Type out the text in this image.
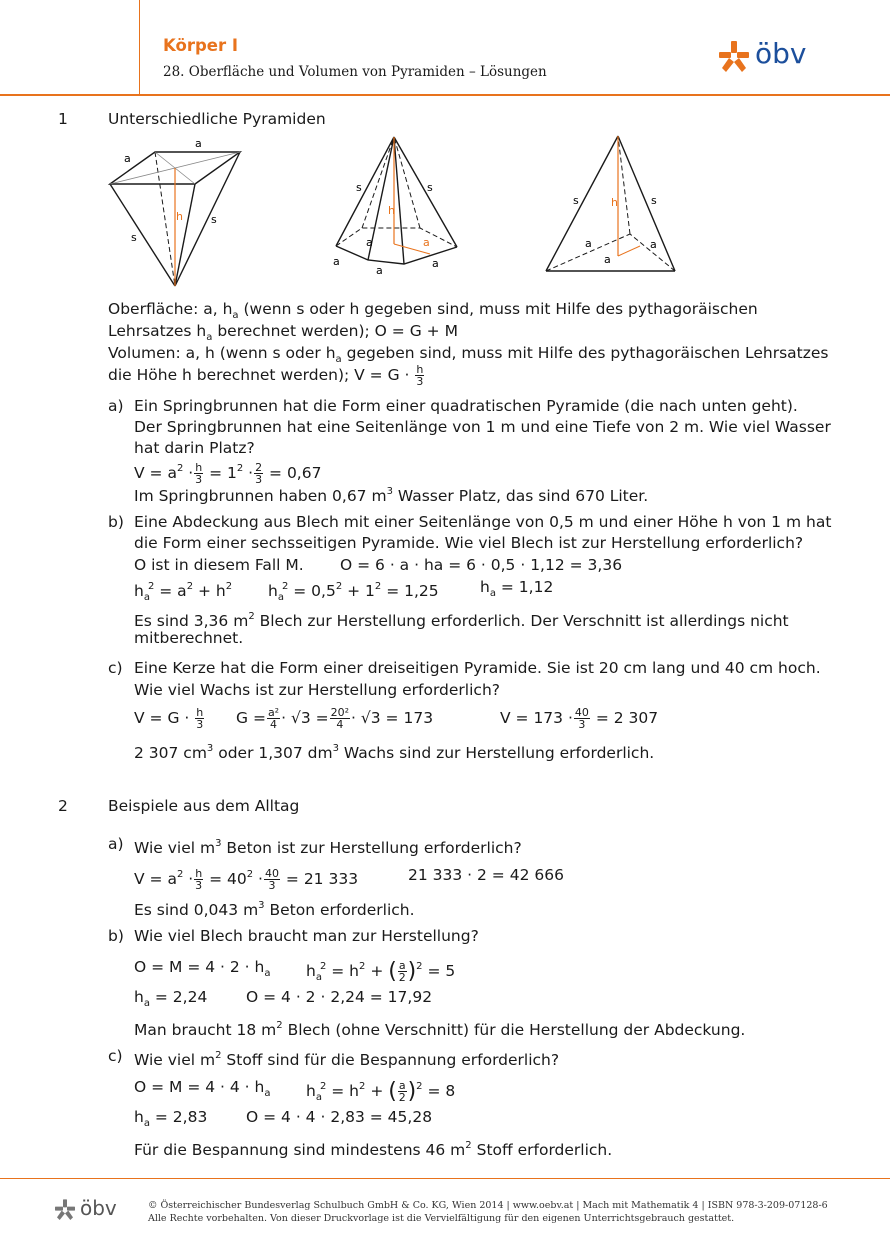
Körper I
28. Oberfläche und Volumen von Pyramiden – Lösungen
öbv
1	Unterschiedliche Pyramiden
a
a
h
s
s
s	s
h
a	a
a
a
a
s	s
h
a	a
a
Oberfläche: a, $h_a$ (wenn s oder h gegeben sind, muss mit Hilfe des pythagoräischen
Lehrsatzes $h_a$ berechnet werden); O = G + M
Volumen: a, h (wenn s oder $h_a$ gegeben sind, muss mit Hilfe des pythagoräischen Lehrsatzes
die Höhe h berechnet werden); $V = G \cdot \frac{h}{3}$
a) Ein Springbrunnen hat die Form einer quadratischen Pyramide (die nach unten geht).
Der Springbrunnen hat eine Seitenlänge von 1 m und eine Tiefe von 2 m. Wie viel Wasser
hat darin Platz?
$V = a^2 \cdot \frac{h}{3} = 1^2 \cdot \frac{2}{3} = 0,67$
Im Springbrunnen haben 0,67 $m^3$ Wasser Platz, das sind 670 Liter.
b) Eine Abdeckung aus Blech mit einer Seitenlänge von 0,5 m und einer Höhe h von 1 m hat
die Form einer sechsseitigen Pyramide. Wie viel Blech ist zur Herstellung erforderlich?
O ist in diesem Fall M. O = 6 · a · ha = 6 · 0,5 · 1,12 = 3,36
$h_a^2 = a^2 + h^2$ $h_a^2 = 0,5^2 + 1^2 = 1,25$	$h_a = 1,12$
Es sind 3,36 $m^2$ Blech zur Herstellung erforderlich. Der Verschnitt ist allerdings nicht
mitberechnet.
c) Eine Kerze hat die Form einer dreiseitigen Pyramide. Sie ist 20 cm lang und 40 cm hoch.
Wie viel Wachs ist zur Herstellung erforderlich?
$V = G \cdot \frac{h}{3}$ $G = \frac{\text{a²}}{4} \cdot √3 = \frac{\text{20²}}{4} \cdot √3 = 173$	$V = 173 \cdot \frac{40}{3} = 2$ 307
2 307 $cm^3$ oder 1,307 $dm^3$ Wachs sind zur Herstellung erforderlich.
2	Beispiele aus dem Alltag
a) Wie viel $m^3$ Beton ist zur Herstellung erforderlich?
$V = a^2 \cdot \frac{h}{3} = 40^2 \cdot \frac{40}{3} = 21$ 333	21 333 · 2 = 42 666
Es sind 0,043 $m^3$ Beton erforderlich.
b) Wie viel Blech braucht man zur Herstellung?
$O = M = 4 \cdot 2 \cdot h_a$ $h_a^2 = h^2$ + ( $\frac{a}{2} )^2 = 5$
$h_a = 2,24$ O = 4 · 2 · 2,24 = 17,92
Man braucht 18 $m^2$ Blech (ohne Verschnitt) für die Herstellung der Abdeckung.
c) Wie viel $m^2$ Stoff sind für die Bespannung erforderlich?
$O = M = 4 \cdot 4 \cdot h_a$ $h_a^2 = h^2$ + ( $\frac{a}{2} )^2 = 8$
$h_a = 2,83$ O = 4 · 4 · 2,83 = 45,28
Für die Bespannung sind mindestens 46 $m^2$ Stoff erforderlich.
öbv	© Österreichischer Bundesverlag Schulbuch GmbH & Co. KG, Wien 2014 | www.oebv.at | Mach mit Mathematik 4 | ISBN 978-3-209-07128-6
Alle Rechte vorbehalten. Von dieser Druckvorlage ist die Vervielfältigung für den eigenen Unterrichtsgebrauch gestattet.
